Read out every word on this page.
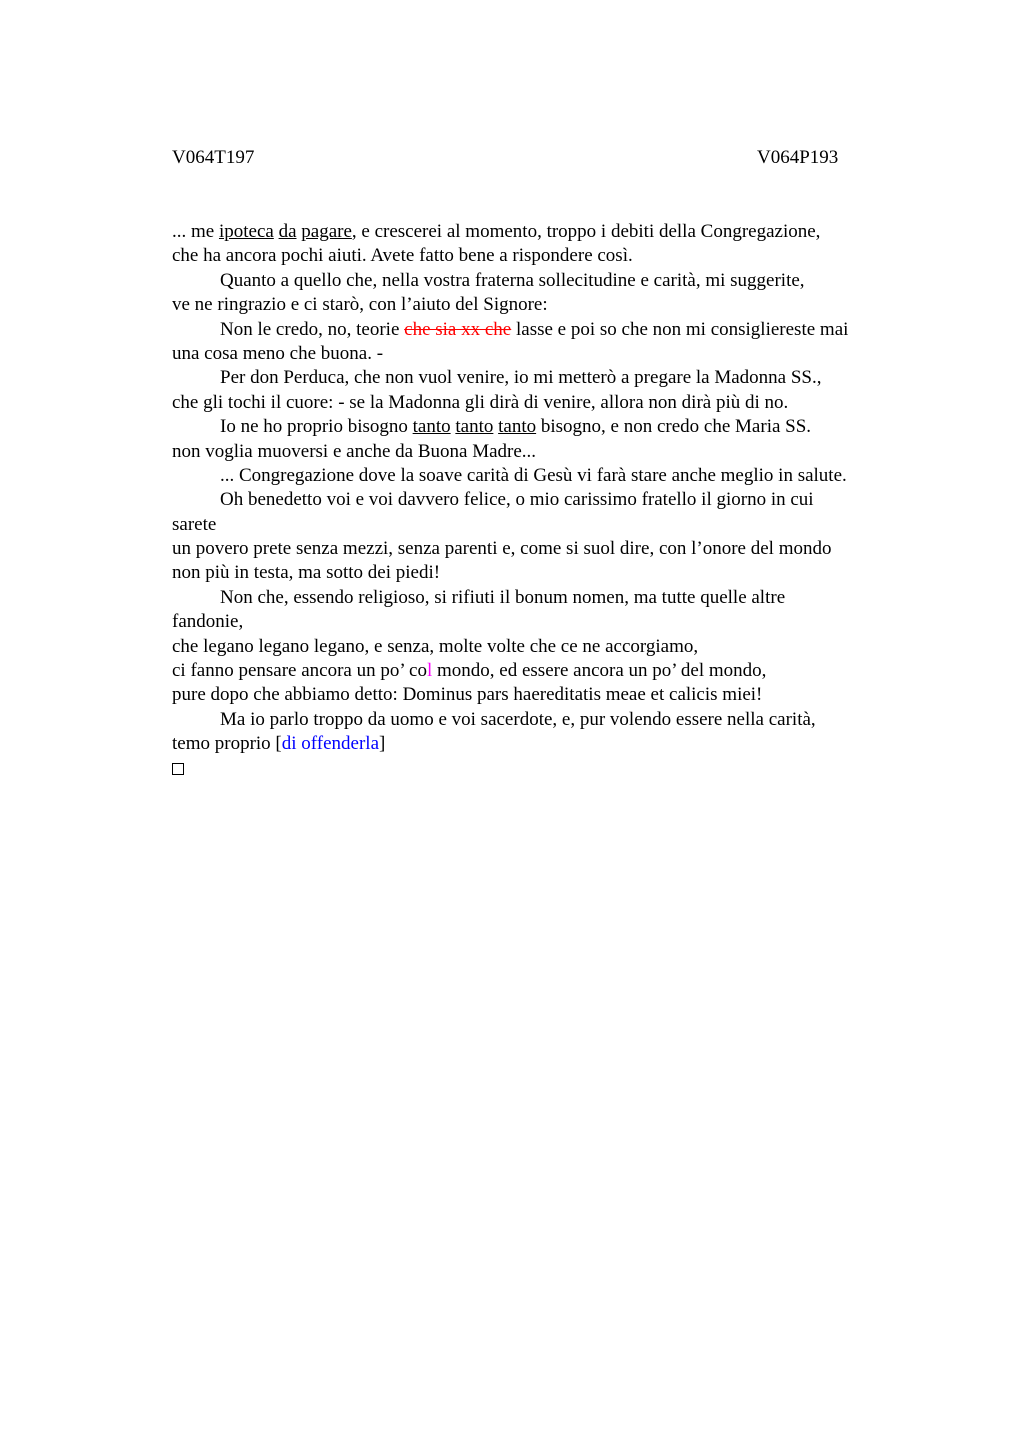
V064T197	V064P193
... me ipoteca da pagare, e crescerei al momento, troppo i debiti della Congregazione,
che ha ancora pochi aiuti. Avete fatto bene a rispondere così.
Quanto a quello che, nella vostra fraterna sollecitudine e carità, mi suggerite,
ve ne ringrazio e ci starò, con l’aiuto del Signore:
Non le credo, no, teorie che sia xx che lasse e poi so che non mi consigliereste mai
una cosa meno che buona. -
Per don Perduca, che non vuol venire, io mi metterò a pregare la Madonna SS.,
che gli tochi il cuore: - se la Madonna gli dirà di venire, allora non dirà più di no.
Io ne ho proprio bisogno tanto tanto tanto bisogno, e non credo che Maria SS.
non voglia muoversi e anche da Buona Madre...
... Congregazione dove la soave carità di Gesù vi farà stare anche meglio in salute.
Oh benedetto voi e voi davvero felice, o mio carissimo fratello il giorno in cui
sarete
un povero prete senza mezzi, senza parenti e, come si suol dire, con l’onore del mondo
non più in testa, ma sotto dei piedi!
Non che, essendo religioso, si rifiuti il bonum nomen, ma tutte quelle altre
fandonie,
che legano legano legano, e senza, molte volte che ce ne accorgiamo,
ci fanno pensare ancora un po’ col mondo, ed essere ancora un po’ del mondo,
pure dopo che abbiamo detto: Dominus pars haereditatis meae et calicis miei!
Ma io parlo troppo da uomo e voi sacerdote, e, pur volendo essere nella carità,
temo proprio [di offenderla]
